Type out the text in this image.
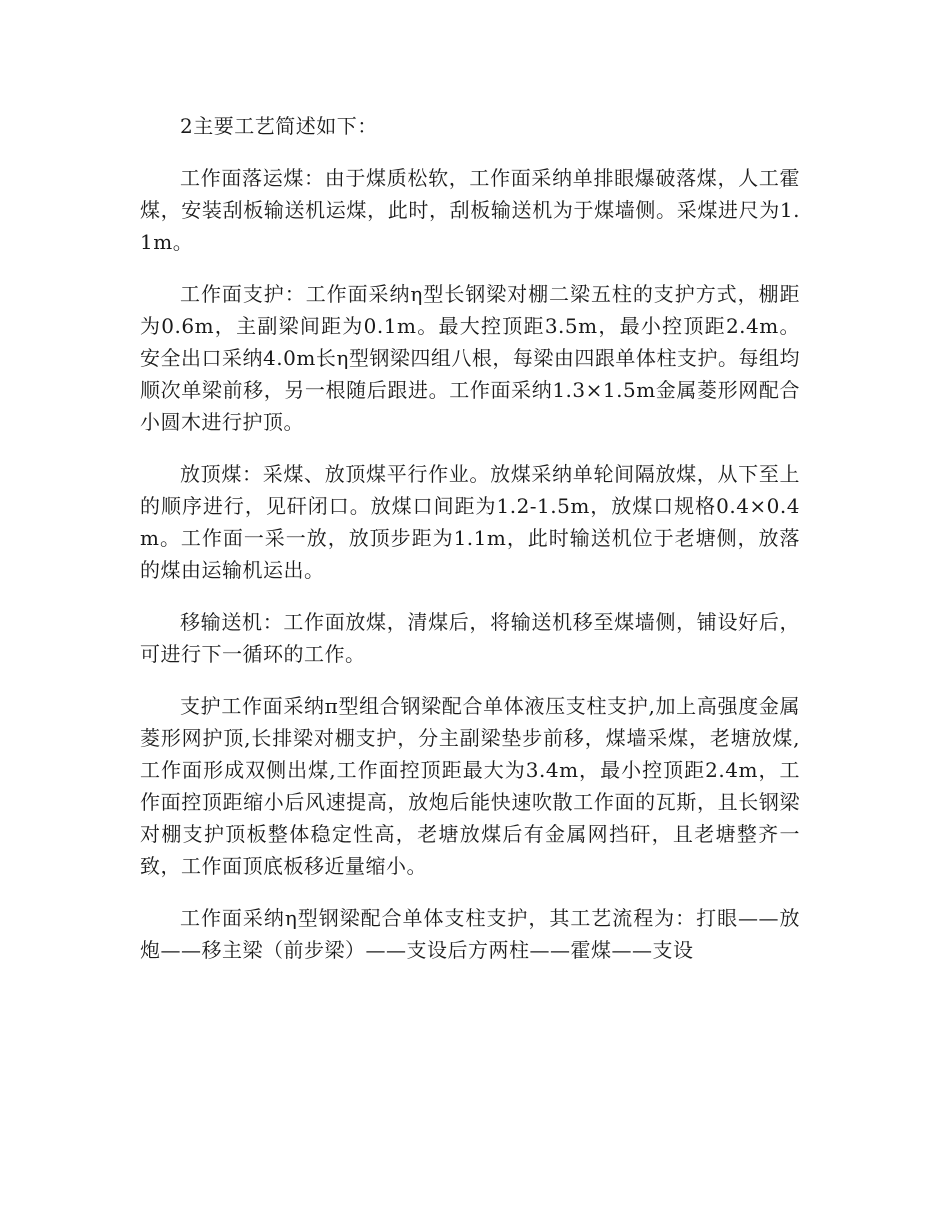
2主要工艺简述如下：

工作面落运煤：由于煤质松软，工作面采纳单排眼爆破落煤，人工霍煤，安装刮板输送机运煤，此时，刮板输送机为于煤墙侧。采煤进尺为1.1m。

工作面支护：工作面采纳η型长钢梁对棚二梁五柱的支护方式，棚距为0.6m，主副梁间距为0.1m。最大控顶距3.5m，最小控顶距2.4m。安全出口采纳4.0m长η型钢梁四组八根，每梁由四跟单体柱支护。每组均顺次单梁前移，另一根随后跟进。工作面采纳1.3×1.5m金属菱形网配合小圆木进行护顶。

放顶煤：采煤、放顶煤平行作业。放煤采纳单轮间隔放煤，从下至上的顺序进行，见矸闭口。放煤口间距为1.2-1.5m，放煤口规格0.4×0.4m。工作面一采一放，放顶步距为1.1m，此时输送机位于老塘侧，放落的煤由运输机运出。

移输送机：工作面放煤，清煤后，将输送机移至煤墙侧，铺设好后，可进行下一循环的工作。

支护工作面采纳π型组合钢梁配合单体液压支柱支护,加上高强度金属菱形网护顶,长排梁对棚支护，分主副梁垫步前移，煤墙采煤，老塘放煤,工作面形成双侧出煤,工作面控顶距最大为3.4m，最小控顶距2.4m，工作面控顶距缩小后风速提高，放炮后能快速吹散工作面的瓦斯，且长钢梁对棚支护顶板整体稳定性高，老塘放煤后有金属网挡矸，且老塘整齐一致，工作面顶底板移近量缩小。

工作面采纳η型钢梁配合单体支柱支护，其工艺流程为：打眼——放炮——移主梁（前步梁）——支设后方两柱——霍煤——支设
